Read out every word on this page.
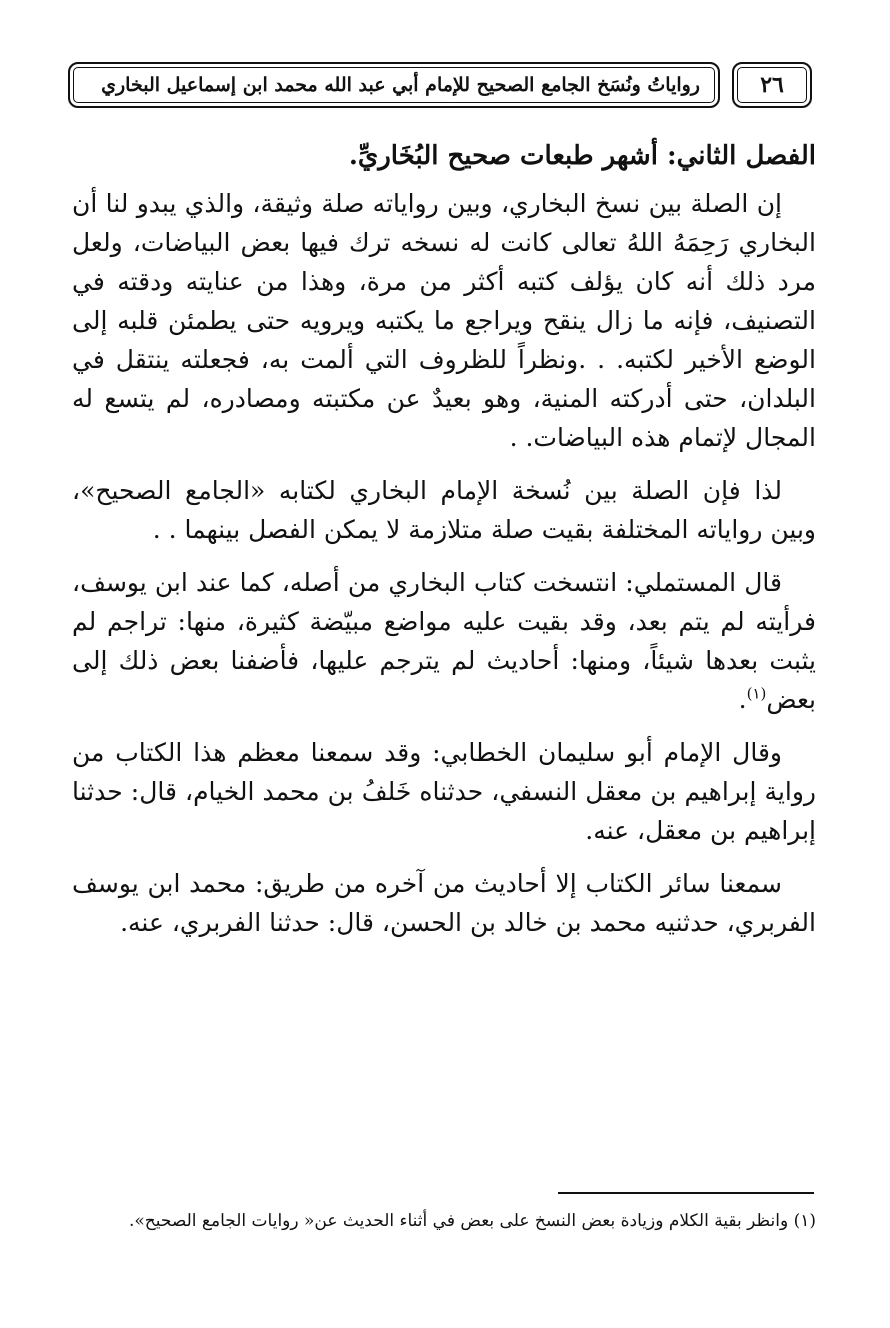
٢٦
رواياتُ ونُسَخ الجامع الصحيح للإمام أبي عبد الله محمد ابن إسماعيل البخاري
الفصل الثاني: أشهر طبعات صحيح البُخَاريِّ.

إن الصلة بين نسخ البخاري، وبين رواياته صلة وثيقة، والذي يبدو لنا أن البخاري رَحِمَهُ اللهُ تعالى كانت له نسخه ترك فيها بعض البياضات، ولعل مرد ذلك أنه كان يؤلف كتبه أكثر من مرة، وهذا من عنايته ودقته في التصنيف، فإنه ما زال ينقح ويراجع ما يكتبه ويرويه حتى يطمئن قلبه إلى الوضع الأخير لكتبه. . .ونظراً للظروف التي ألمت به، فجعلته ينتقل في البلدان، حتى أدركته المنية، وهو بعيدٌ عن مكتبته ومصادره، لم يتسع له المجال لإتمام هذه البياضات. .

لذا فإن الصلة بين نُسخة الإمام البخاري لكتابه «الجامع الصحيح»، وبين رواياته المختلفة بقيت صلة متلازمة لا يمكن الفصل بينهما . .

قال المستملي: انتسخت كتاب البخاري من أصله، كما عند ابن يوسف، فرأيته لم يتم بعد، وقد بقيت عليه مواضع مبيّضة كثيرة، منها: تراجم لم يثبت بعدها شيئاً، ومنها: أحاديث لم يترجم عليها، فأضفنا بعض ذلك إلى بعض$^{(١)}$.

وقال الإمام أبو سليمان الخطابي: وقد سمعنا معظم هذا الكتاب من رواية إبراهيم بن معقل النسفي، حدثناه خَلفُ بن محمد الخيام، قال: حدثنا إبراهيم بن معقل، عنه.

سمعنا سائر الكتاب إلا أحاديث من آخره من طريق: محمد ابن يوسف الفربري، حدثنيه محمد بن خالد بن الحسن، قال: حدثنا الفربري، عنه.

(١) وانظر بقية الكلام وزيادة بعض النسخ على بعض في أثناء الحديث عن« روايات الجامع الصحيح».
